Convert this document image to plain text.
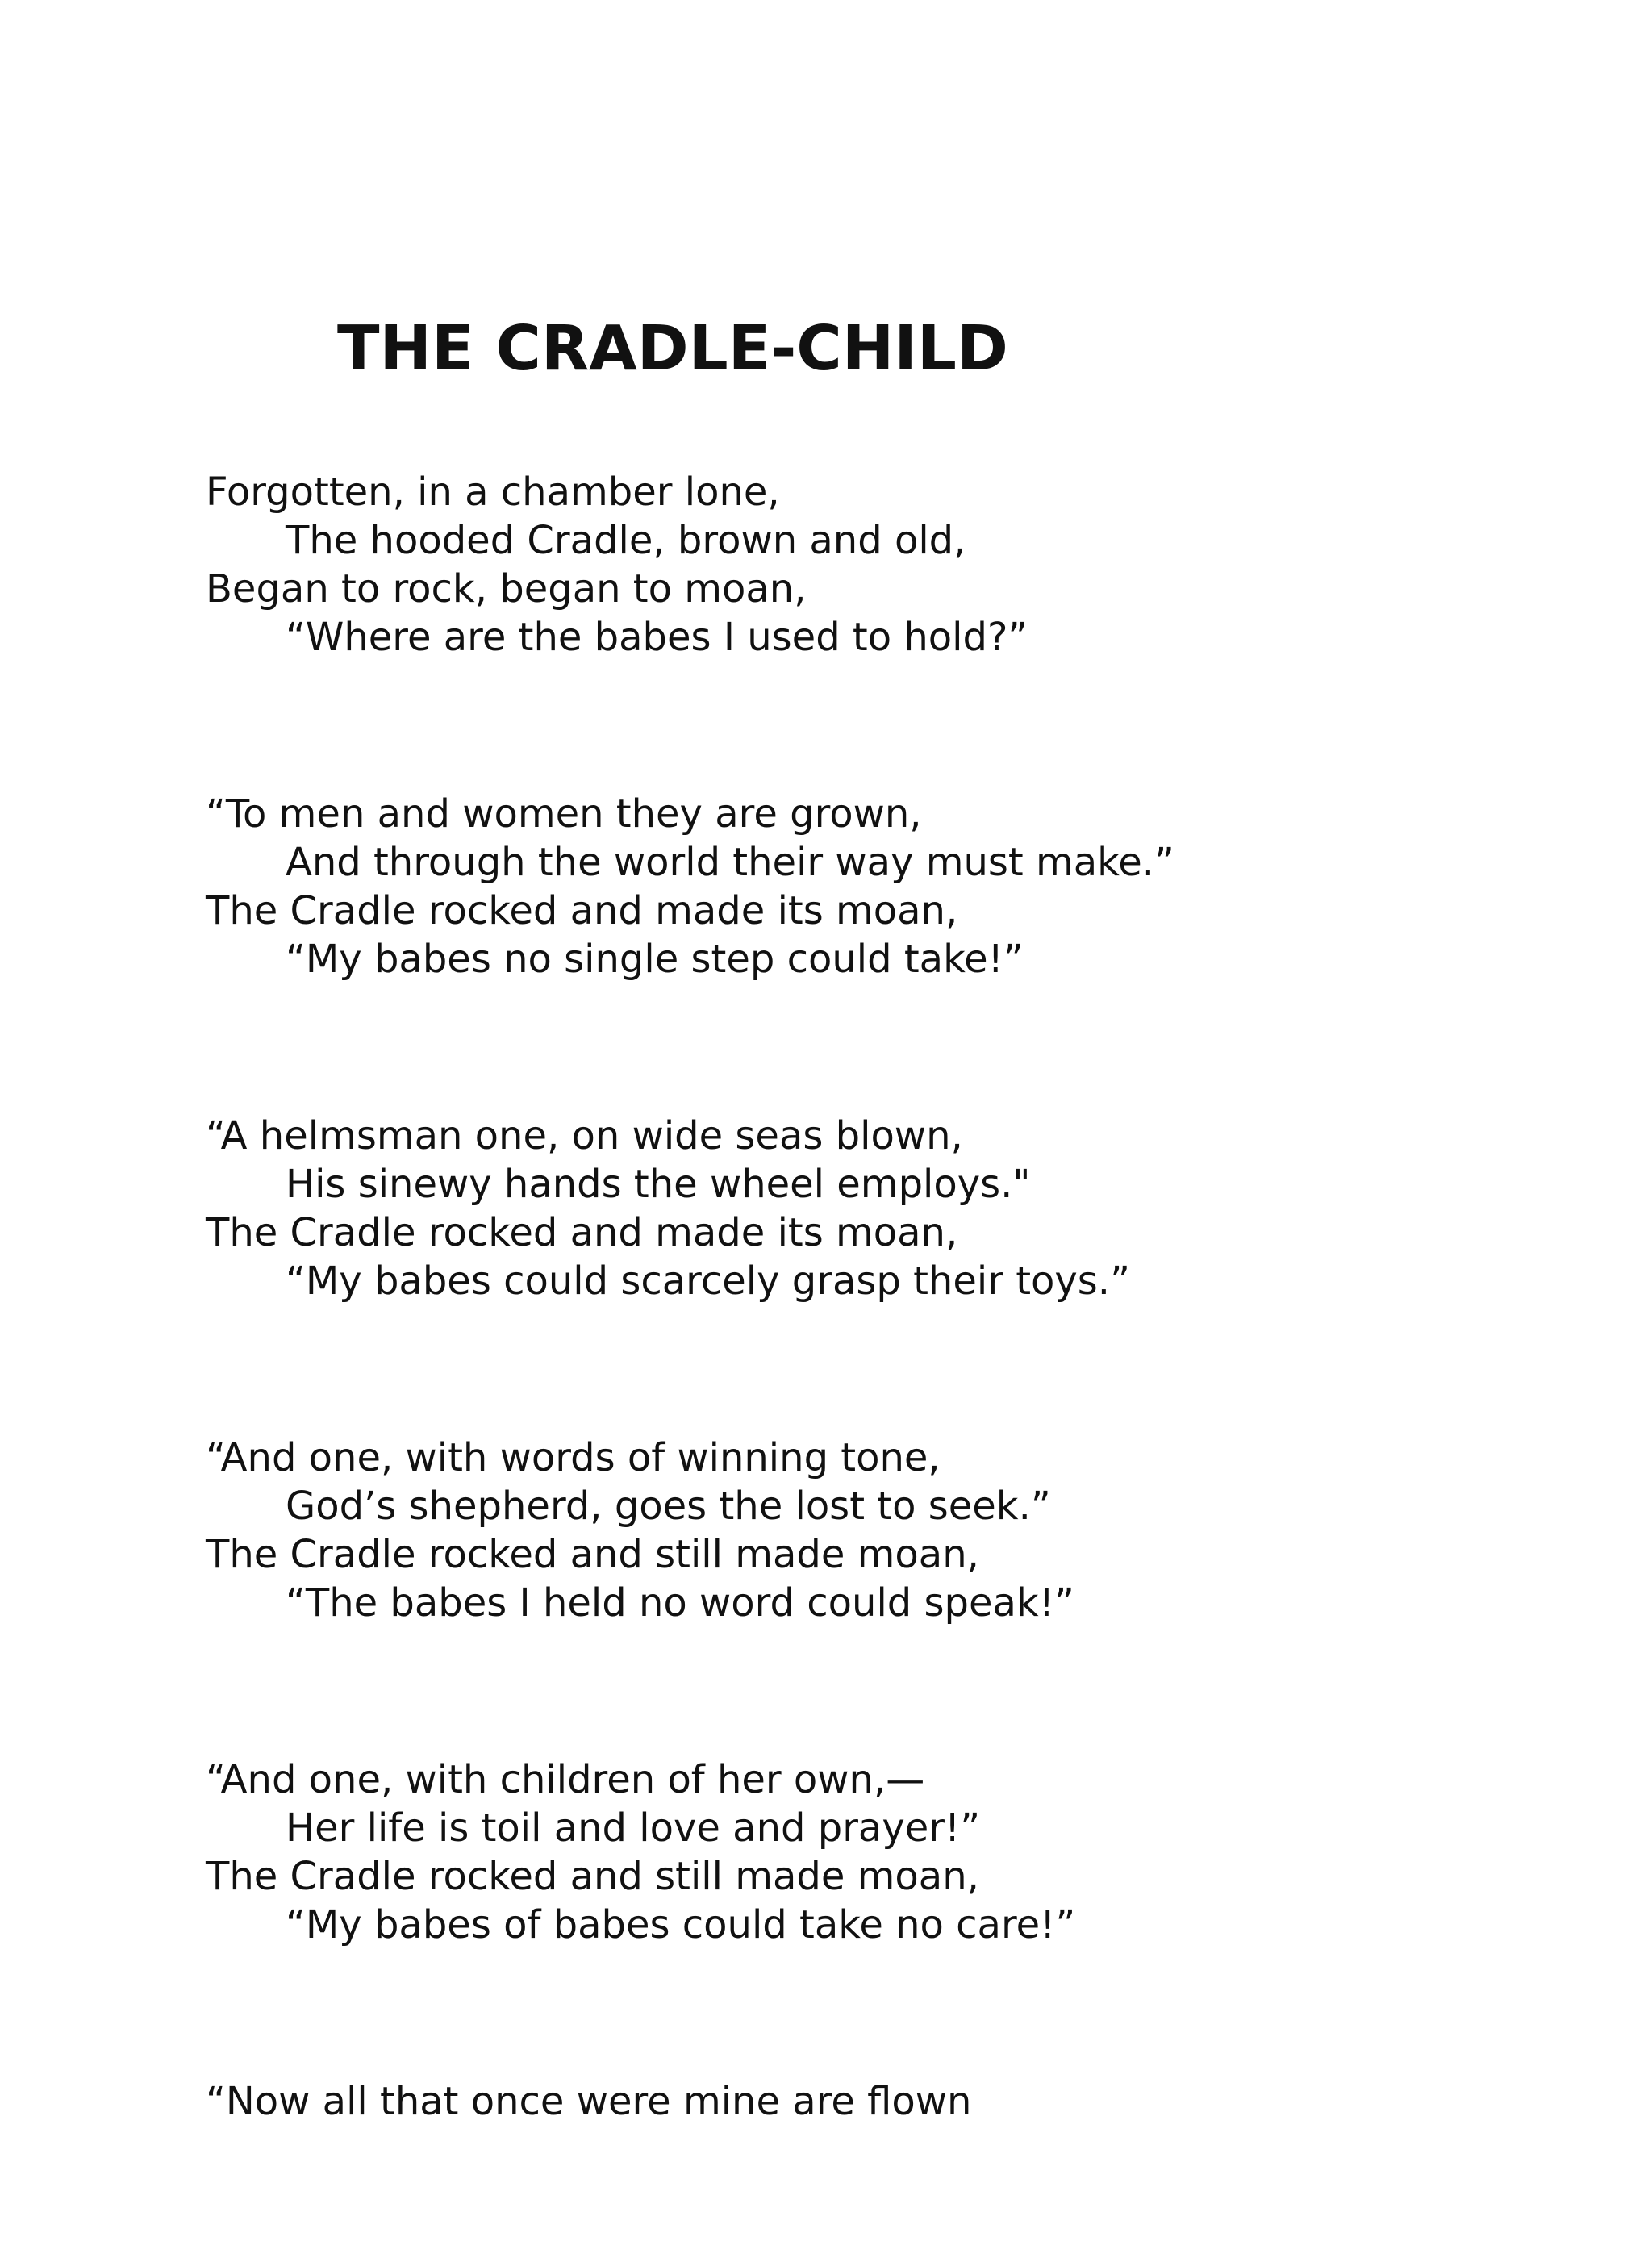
THE CRADLE-CHILD
Forgotten, in a chamber lone,
The hooded Cradle, brown and old,
Began to rock, began to moan,
“Where are the babes I used to hold?”
“To men and women they are grown,
And through the world their way must make.”
The Cradle rocked and made its moan,
“My babes no single step could take!”
“A helmsman one, on wide seas blown,
His sinewy hands the wheel employs."
The Cradle rocked and made its moan,
“My babes could scarcely grasp their toys.”
“And one, with words of winning tone,
God’s shepherd, goes the lost to seek.”
The Cradle rocked and still made moan,
“The babes I held no word could speak!”
“And one, with children of her own,—
Her life is toil and love and prayer!”
The Cradle rocked and still made moan,
“My babes of babes could take no care!”
“Now all that once were mine are flown
